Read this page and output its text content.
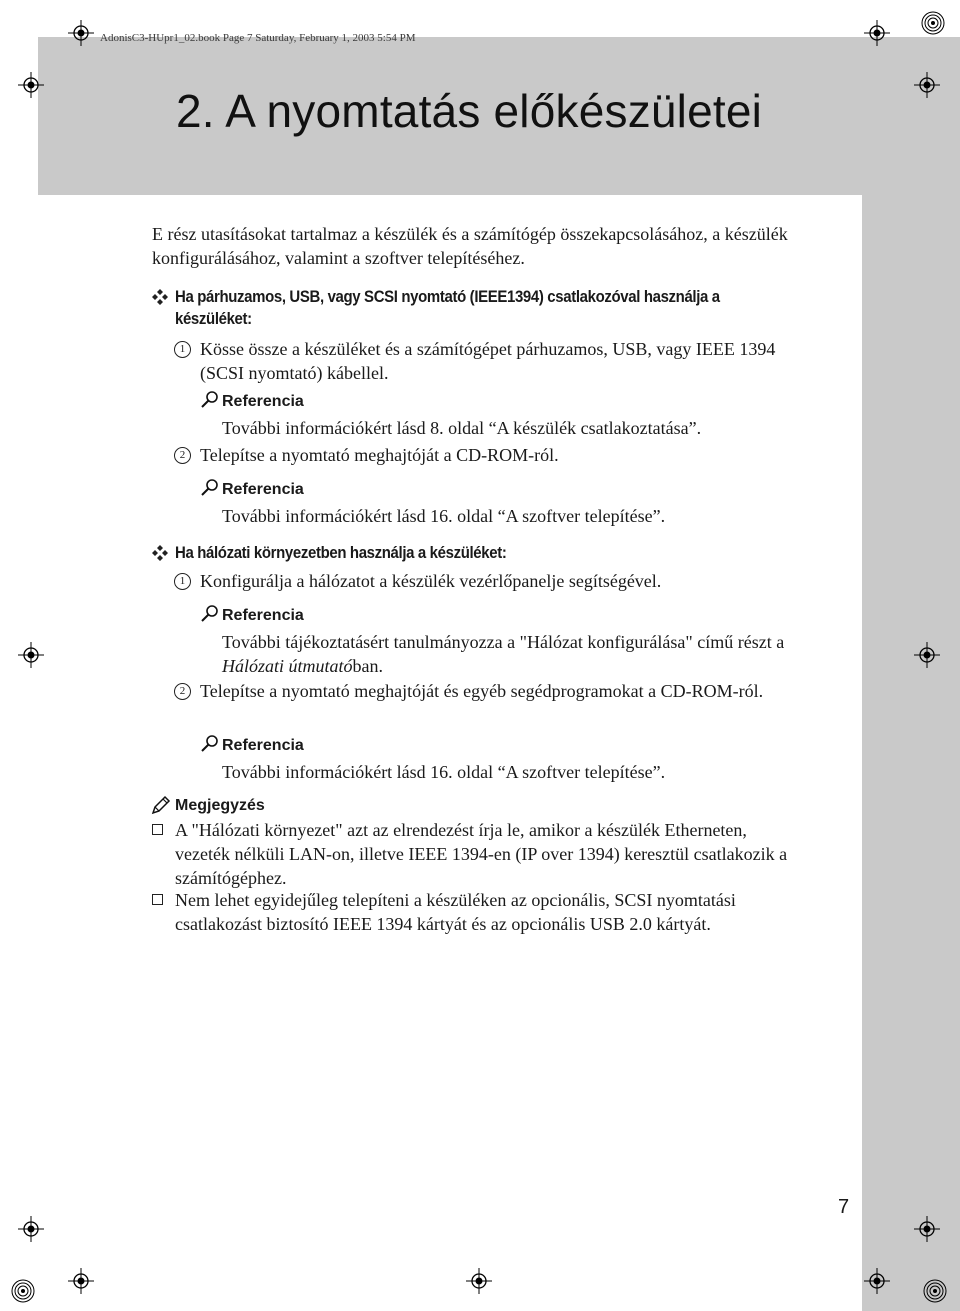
AdonisC3-HUpr1_02.book Page 7 Saturday, February 1, 2003 5:54 PM
2. A nyomtatás előkészületei

E rész utasításokat tartalmaz a készülék és a számítógép összekapcsolásához, a készülék konfigurálásához, valamint a szoftver telepítéséhez.

Ha párhuzamos, USB, vagy SCSI nyomtató (IEEE1394) csatlakozóval használja a
készüléket:
1 Kösse össze a készüléket és a számítógépet párhuzamos, USB, vagy IEEE 1394 (SCSI nyomtató) kábellel.
Referencia
További információkért lásd 8. oldal “A készülék csatlakoztatása”.
2 Telepítse a nyomtató meghajtóját a CD-ROM-ról.
Referencia
További információkért lásd 16. oldal “A szoftver telepítése”.
Ha hálózati környezetben használja a készüléket:
1 Konfigurálja a hálózatot a készülék vezérlőpanelje segítségével.
Referencia
További tájékoztatásért tanulmányozza a "Hálózat konfigurálása" című részt a Hálózati útmutatóban.
2 Telepítse a nyomtató meghajtóját és egyéb segédprogramokat a CD-ROM-ról.
Referencia
További információkért lásd 16. oldal “A szoftver telepítése”.
Megjegyzés
A "Hálózati környezet" azt az elrendezést írja le, amikor a készülék Etherneten, vezeték nélküli LAN-on, illetve IEEE 1394-en (IP over 1394) keresztül csatlakozik a számítógéphez.
Nem lehet egyidejűleg telepíteni a készüléken az opcionális, SCSI nyomtatási csatlakozást biztosító IEEE 1394 kártyát és az opcionális USB 2.0 kártyát.
7
